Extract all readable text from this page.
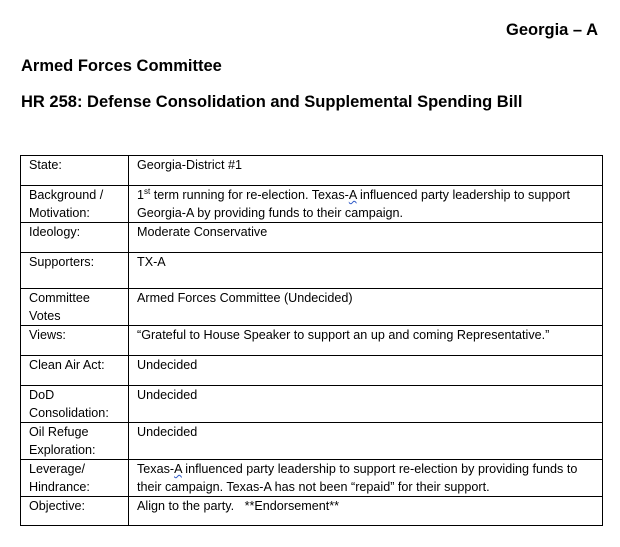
Georgia – A
Armed Forces Committee
HR 258: Defense Consolidation and Supplemental Spending Bill
State:	Georgia-District #1
Background / Motivation:	1st term running for re-election. Texas-A influenced party leadership to support Georgia-A by providing funds to their campaign.
Ideology:	Moderate Conservative
Supporters:	TX-A
Committee Votes	Armed Forces Committee (Undecided)
Views:	“Grateful to House Speaker to support an up and coming Representative.”
Clean Air Act:	Undecided
DoD Consolidation:	Undecided
Oil Refuge Exploration:	Undecided
Leverage/ Hindrance:	Texas-A influenced party leadership to support re-election by providing funds to their campaign. Texas-A has not been “repaid” for their support.
Objective:	Align to the party.   **Endorsement**
